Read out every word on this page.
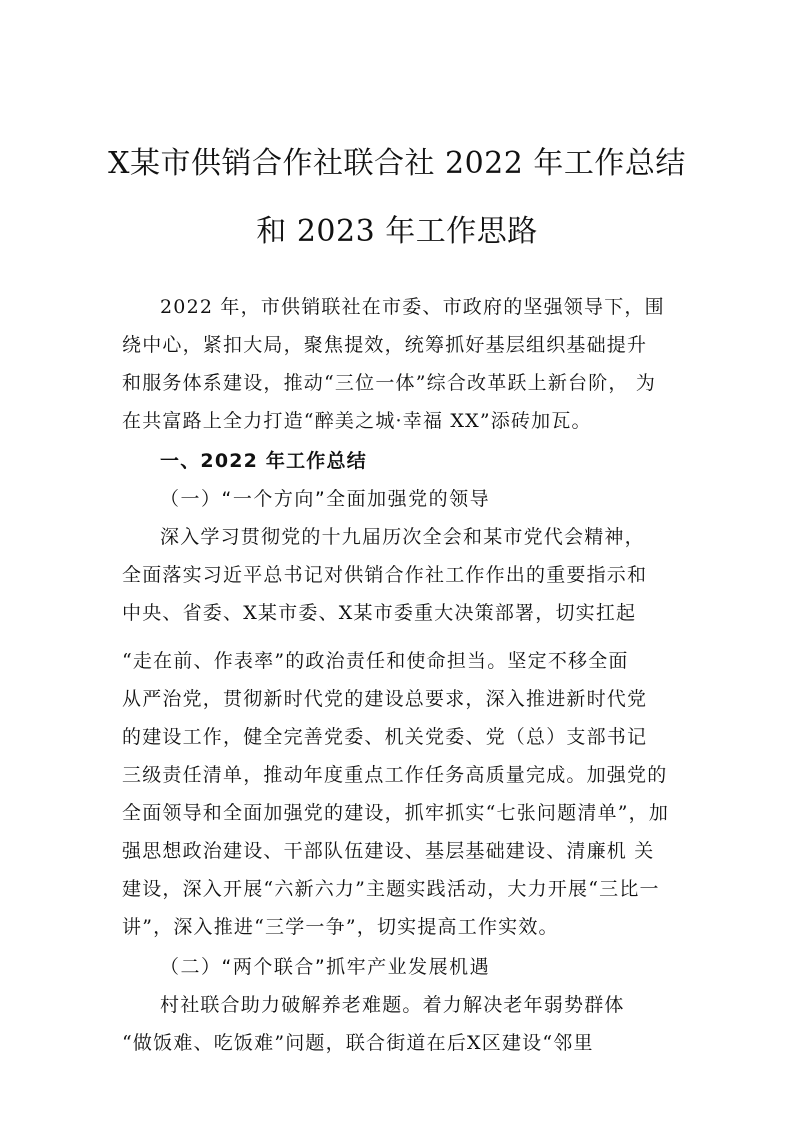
X某市供销合作社联合社 2022 年工作总结
和 2023 年工作思路

2022 年，市供销联社在市委、市政府的坚强领导下，围

绕中心，紧扣大局，聚焦提效，统筹抓好基层组织基础提升

和服务体系建设，推动“三位一体”综合改革跃上新台阶， 为

在共富路上全力打造“醉美之城·幸福 XX”添砖加瓦。

一、2022 年工作总结

（一）“一个方向”全面加强党的领导

深入学习贯彻党的十九届历次全会和某市党代会精神，

全面落实习近平总书记对供销合作社工作作出的重要指示和

中央、省委、X某市委、X某市委重大决策部署，切实扛起

“走在前、作表率”的政治责任和使命担当。坚定不移全面

从严治党，贯彻新时代党的建设总要求，深入推进新时代党

的建设工作，健全完善党委、机关党委、党（总）支部书记

三级责任清单，推动年度重点工作任务高质量完成。加强党的

全面领导和全面加强党的建设，抓牢抓实“七张问题清单”，加

强思想政治建设、干部队伍建设、基层基础建设、清廉机 关

建设，深入开展“六新六力”主题实践活动，大力开展“三比一

讲”，深入推进“三学一争”，切实提高工作实效。

（二）“两个联合”抓牢产业发展机遇

村社联合助力破解养老难题。着力解决老年弱势群体

“做饭难、吃饭难”问题，联合街道在后X区建设“邻里
